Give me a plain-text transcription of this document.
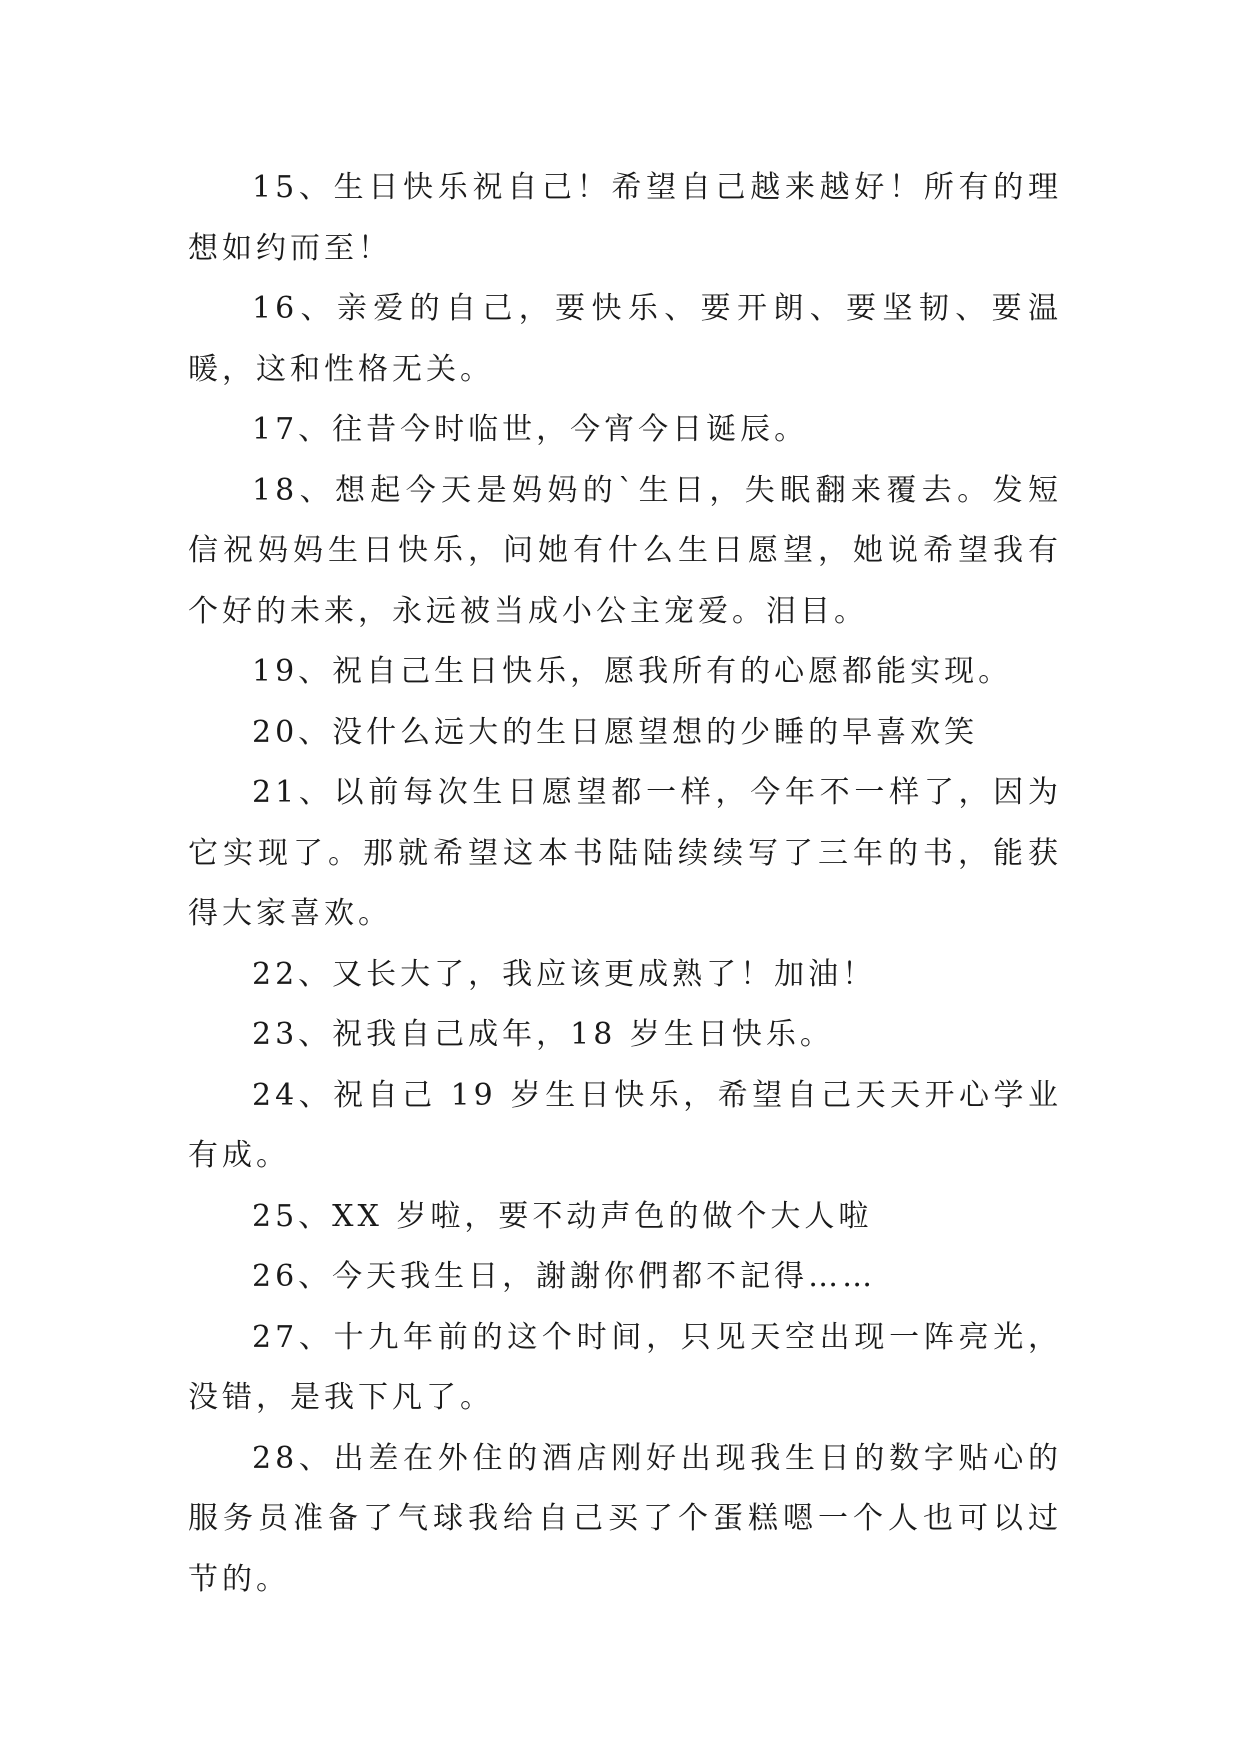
15、生日快乐祝自己！希望自己越来越好！所有的理想如约而至！

16、亲爱的自己，要快乐、要开朗、要坚韧、要温暖，这和性格无关。

17、往昔今时临世，今宵今日诞辰。

18、想起今天是妈妈的`生日，失眠翻来覆去。发短信祝妈妈生日快乐，问她有什么生日愿望，她说希望我有个好的未来，永远被当成小公主宠爱。泪目。

19、祝自己生日快乐，愿我所有的心愿都能实现。

20、没什么远大的生日愿望想的少睡的早喜欢笑

21、以前每次生日愿望都一样，今年不一样了，因为它实现了。那就希望这本书陆陆续续写了三年的书，能获得大家喜欢。

22、又长大了，我应该更成熟了！加油！

23、祝我自己成年，18 岁生日快乐。

24、祝自己 19 岁生日快乐，希望自己天天开心学业有成。

25、XX 岁啦，要不动声色的做个大人啦

26、今天我生日，謝謝你們都不記得……

27、十九年前的这个时间，只见天空出现一阵亮光，没错，是我下凡了。

28、出差在外住的酒店刚好出现我生日的数字贴心的服务员准备了气球我给自己买了个蛋糕嗯一个人也可以过节的。
